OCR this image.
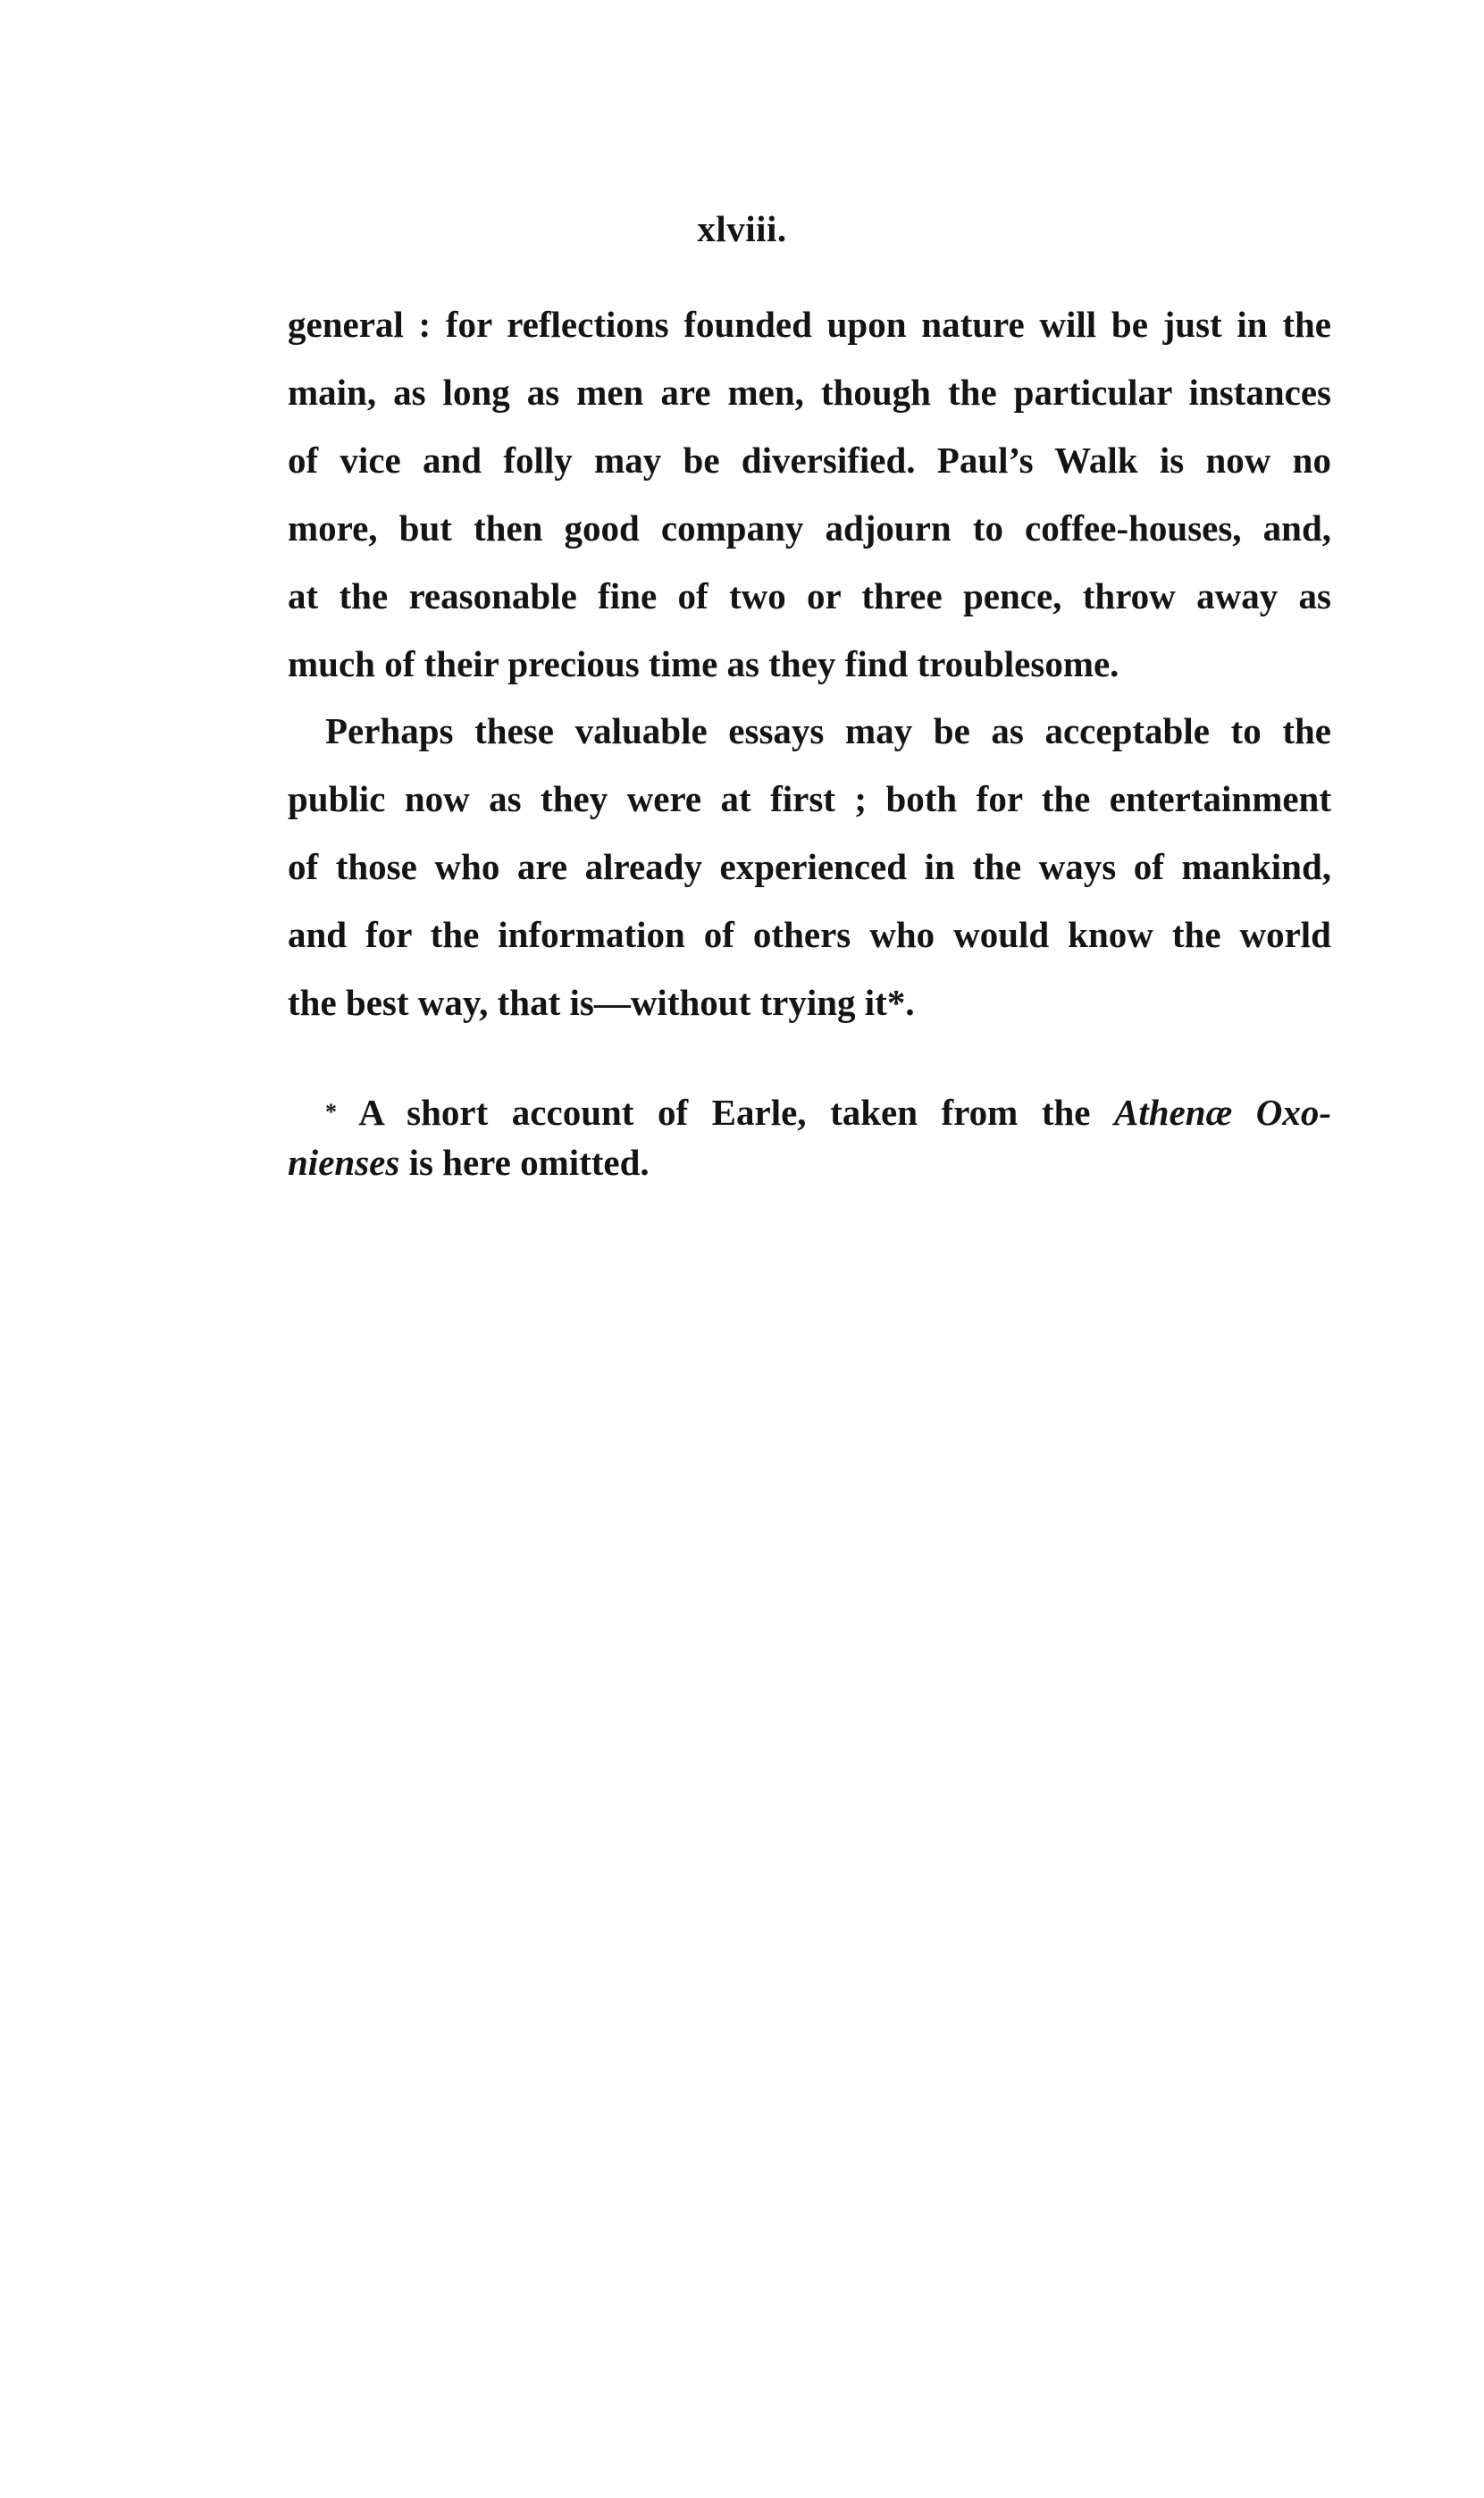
xlviii.
general : for reflections founded upon nature will be just in the
main, as long as men are men, though the particular instances
of vice and folly may be diversified. Paul’s Walk is now no
more, but then good company adjourn to coffee-houses, and,
at the reasonable fine of two or three pence, throw away as
much of their precious time as they find troublesome.
Perhaps these valuable essays may be as acceptable to the
public now as they were at first ; both for the entertainment
of those who are already experienced in the ways of mankind,
and for the information of others who would know the world
the best way, that is—without trying it*.
* A short account of Earle, taken from the Athenæ Oxo-
nienses is here omitted.
